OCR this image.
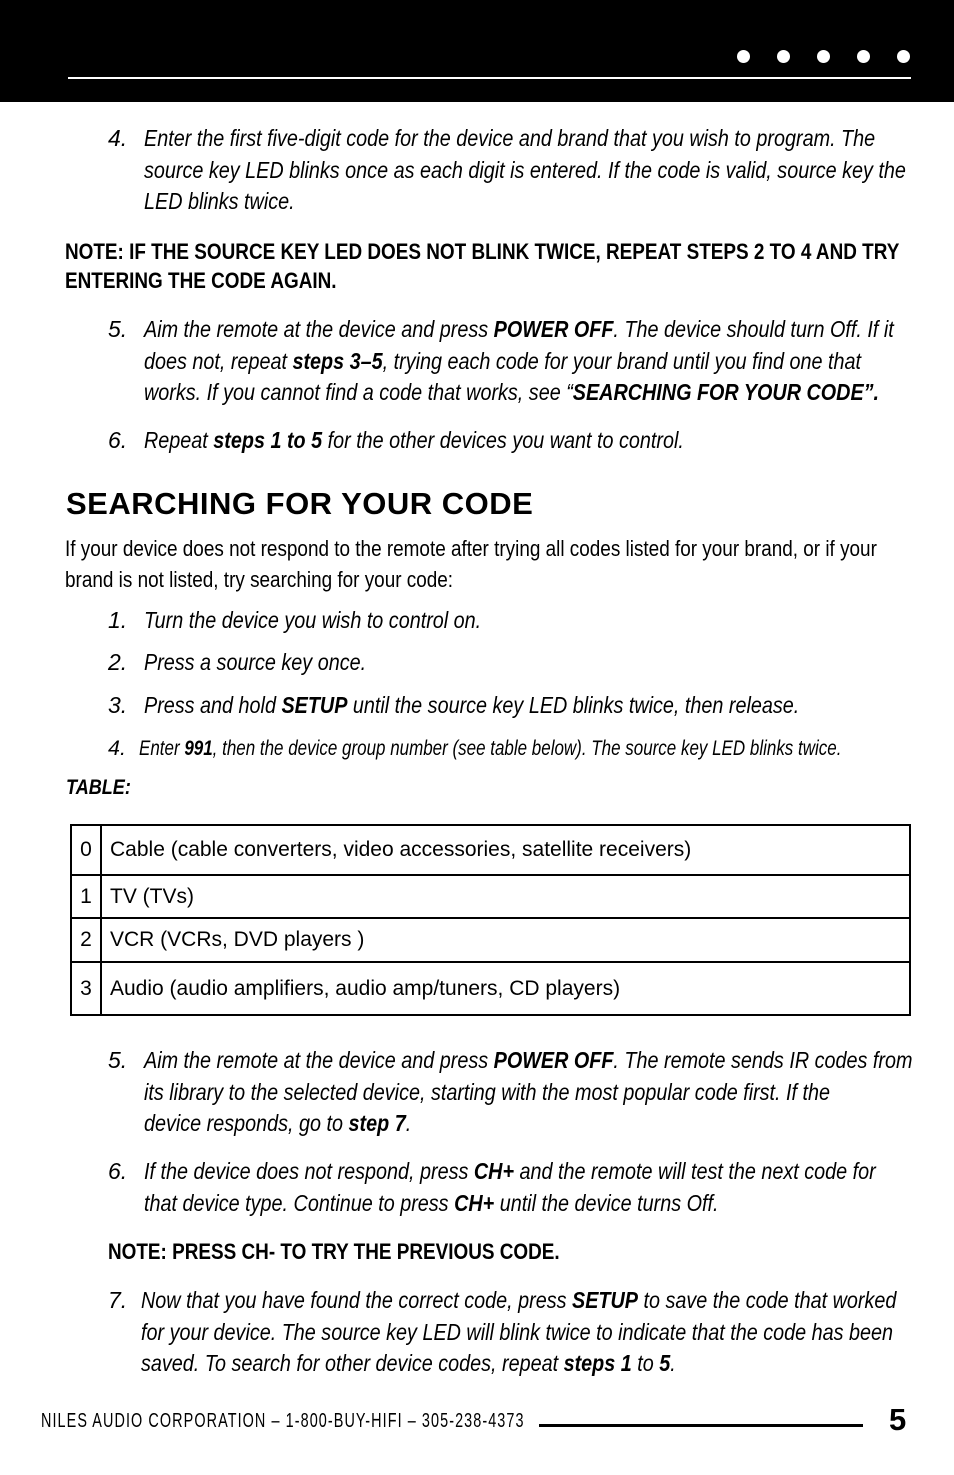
4. Enter the first five-digit code for the device and brand that you wish to program. The
source key LED blinks once as each digit is entered. If the code is valid, source key the
LED blinks twice.
NOTE: IF THE SOURCE KEY LED DOES NOT BLINK TWICE, REPEAT STEPS 2 TO 4 AND TRY
ENTERING THE CODE AGAIN.
5. Aim the remote at the device and press POWER OFF. The device should turn Off. If it
does not, repeat steps 3–5, trying each code for your brand until you find one that
works. If you cannot find a code that works, see “SEARCHING FOR YOUR CODE”.
6. Repeat steps 1 to 5 for the other devices you want to control.
SEARCHING FOR YOUR CODE
If your device does not respond to the remote after trying all codes listed for your brand, or if your
brand is not listed, try searching for your code:
1. Turn the device you wish to control on.
2. Press a source key once.
3. Press and hold SETUP until the source key LED blinks twice, then release.
4. Enter 991, then the device group number (see table below). The source key LED blinks twice.
TABLE:
0	Cable (cable converters, video accessories, satellite receivers)
1	TV (TVs)
2	VCR (VCRs, DVD players )
3	Audio (audio amplifiers, audio amp/tuners, CD players)
5. Aim the remote at the device and press POWER OFF. The remote sends IR codes from
its library to the selected device, starting with the most popular code first. If the
device responds, go to step 7.
6. If the device does not respond, press CH+ and the remote will test the next code for
that device type. Continue to press CH+ until the device turns Off.
NOTE: PRESS CH- TO TRY THE PREVIOUS CODE.
7. Now that you have found the correct code, press SETUP to save the code that worked
for your device. The source key LED will blink twice to indicate that the code has been
saved. To search for other device codes, repeat steps 1 to 5.
NILES AUDIO CORPORATION – 1-800-BUY-HIFI – 305-238-4373	5
